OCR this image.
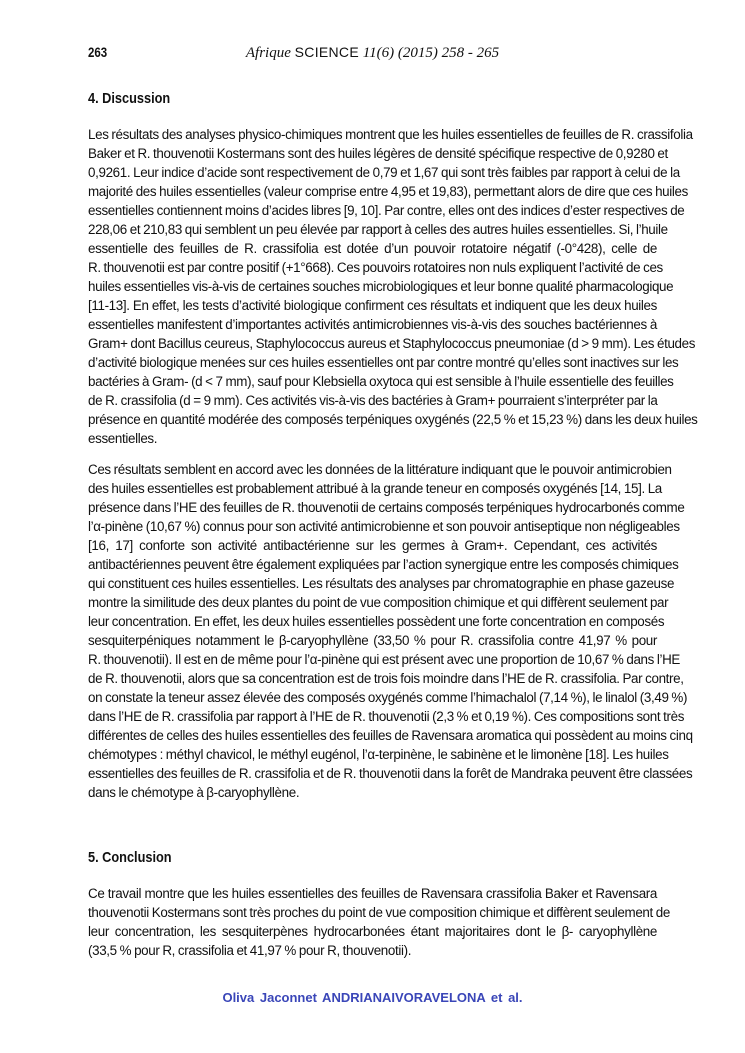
263	Afrique SCIENCE 11(6) (2015) 258 - 265
4. Discussion
Les résultats des analyses physico-chimiques montrent que les huiles essentielles de feuilles de R. crassifolia
Baker et R. thouvenotii Kostermans sont des huiles légères de densité spécifique respective de 0,9280 et
0,9261. Leur indice d’acide sont respectivement de 0,79 et 1,67 qui sont très faibles par rapport à celui de la
majorité des huiles essentielles (valeur comprise entre 4,95 et 19,83), permettant alors de dire que ces huiles
essentielles contiennent moins d’acides libres [9, 10]. Par contre, elles ont des indices d’ester respectives de
228,06 et 210,83 qui semblent un peu élevée par rapport à celles des autres huiles essentielles. Si, l’huile
essentielle des feuilles de R. crassifolia est dotée d’un pouvoir rotatoire négatif (-0°428), celle de
R. thouvenotii est par contre positif (+1°668). Ces pouvoirs rotatoires non nuls expliquent l’activité de ces
huiles essentielles vis-à-vis de certaines souches microbiologiques et leur bonne qualité pharmacologique
[11-13]. En effet, les tests d’activité biologique confirment ces résultats et indiquent que les deux huiles
essentielles manifestent d’importantes activités antimicrobiennes vis-à-vis des souches bactériennes à
Gram+ dont Bacillus ceureus, Staphylococcus aureus et Staphylococcus pneumoniae (d > 9 mm). Les études
d’activité biologique menées sur ces huiles essentielles ont par contre montré qu’elles sont inactives sur les
bactéries à Gram- (d < 7 mm), sauf pour Klebsiella oxytoca qui est sensible à l’huile essentielle des feuilles
de R. crassifolia (d = 9 mm). Ces activités vis-à-vis des bactéries à Gram+ pourraient s’interpréter par la
présence en quantité modérée des composés terpéniques oxygénés (22,5 % et 15,23 %) dans les deux huiles
essentielles.
Ces résultats semblent en accord avec les données de la littérature indiquant que le pouvoir antimicrobien
des huiles essentielles est probablement attribué à la grande teneur en composés oxygénés [14, 15]. La
présence dans l’HE des feuilles de R. thouvenotii de certains composés terpéniques hydrocarbonés comme
l’α-pinène (10,67 %) connus pour son activité antimicrobienne et son pouvoir antiseptique non négligeables
[16, 17] conforte son activité antibactérienne sur les germes à Gram+. Cependant, ces activités
antibactériennes peuvent être également expliquées par l’action synergique entre les composés chimiques
qui constituent ces huiles essentielles. Les résultats des analyses par chromatographie en phase gazeuse
montre la similitude des deux plantes du point de vue composition chimique et qui diffèrent seulement par
leur concentration. En effet, les deux huiles essentielles possèdent une forte concentration en composés
sesquiterpéniques notamment le β-caryophyllène (33,50 % pour R. crassifolia contre 41,97 % pour
R. thouvenotii). Il est en de même pour l’α-pinène qui est présent avec une proportion de 10,67 % dans l’HE
de R. thouvenotii, alors que sa concentration est de trois fois moindre dans l’HE de R. crassifolia. Par contre,
on constate la teneur assez élevée des composés oxygénés comme l’himachalol (7,14 %), le linalol (3,49 %)
dans l’HE de R. crassifolia par rapport à l’HE de R. thouvenotii (2,3 % et 0,19 %). Ces compositions sont très
différentes de celles des huiles essentielles des feuilles de Ravensara aromatica qui possèdent au moins cinq
chémotypes : méthyl chavicol, le méthyl eugénol, l’α-terpinène, le sabinène et le limonène [18]. Les huiles
essentielles des feuilles de R. crassifolia et de R. thouvenotii dans la forêt de Mandraka peuvent être classées
dans le chémotype à β-caryophyllène.
5. Conclusion
Ce travail montre que les huiles essentielles des feuilles de Ravensara crassifolia Baker et Ravensara
thouvenotii Kostermans sont très proches du point de vue composition chimique et diffèrent seulement de
leur concentration, les sesquiterpènes hydrocarbonées étant majoritaires dont le β- caryophyllène
(33,5 % pour R, crassifolia et 41,97 % pour R, thouvenotii).
Oliva Jaconnet ANDRIANAIVORAVELONA et al.
